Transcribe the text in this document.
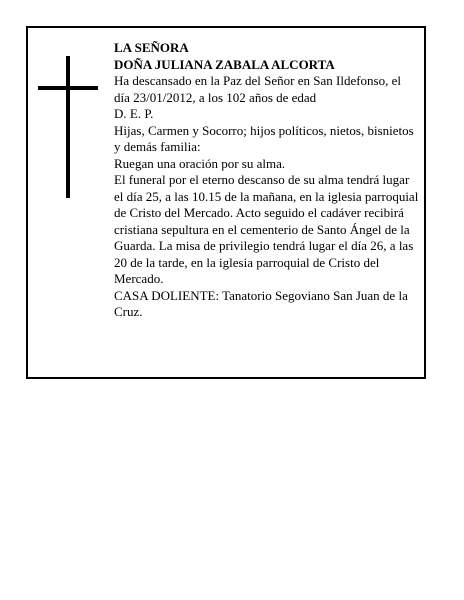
LA SEÑORA

DOÑA JULIANA ZABALA ALCORTA

Ha descansado en la Paz del Señor en San Ildefonso, el día 23/01/2012, a los 102 años de edad

D. E. P.

Hijas, Carmen y Socorro; hijos políticos, nietos, bisnietos y demás familia:

Ruegan una oración por su alma.

El funeral por el eterno descanso de su alma tendrá lugar el día 25, a las 10.15 de la mañana, en la iglesia parroquial de Cristo del Mercado. Acto seguido el cadáver recibirá cristiana sepultura en el cementerio de Santo Ángel de la Guarda. La misa de privilegio tendrá lugar el día 26, a las 20 de la tarde, en la iglesia parroquial de Cristo del Mercado.

CASA DOLIENTE: Tanatorio Segoviano San Juan de la Cruz.
